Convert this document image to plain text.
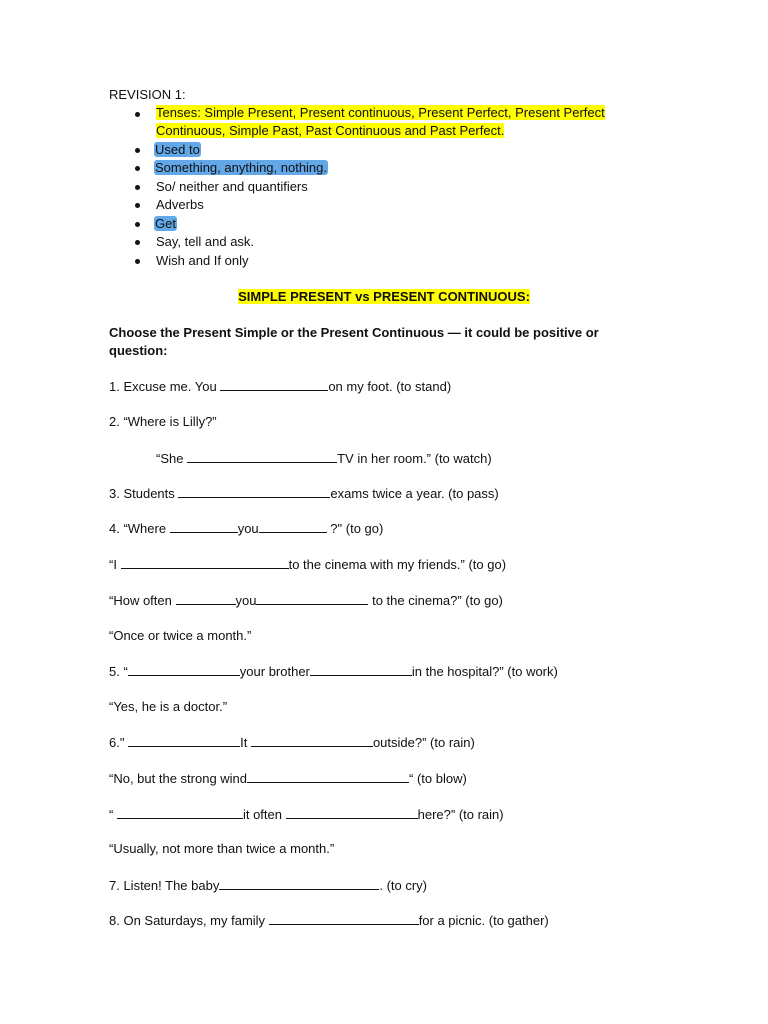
REVISION 1:
Tenses: Simple Present, Present continuous, Present Perfect, Present Perfect
Continuous, Simple Past, Past Continuous and Past Perfect.
Used to
Something, anything, nothing.
So/ neither and quantifiers
Adverbs
Get
Say, tell and ask.
Wish and If only
SIMPLE PRESENT vs PRESENT CONTINUOUS:
Choose the Present Simple or the Present Continuous — it could be positive or
question:
1. Excuse me. You	on my foot. (to stand)
2. “Where is Lilly?”
“She	TV in her room.” (to watch)
3. Students	exams twice a year. (to pass)
4. “Where	you	?" (to go)
“I	to the cinema with my friends.” (to go)
“How often	you	to the cinema?” (to go)
“Once or twice a month.”
5. “	your brother	in the hospital?” (to work)
“Yes, he is a doctor.”
6."	It	outside?” (to rain)
“No, but the strong wind	“ (to blow)
“	it often	here?” (to rain)
“Usually, not more than twice a month.”
7. Listen! The baby	. (to cry)
8. On Saturdays, my family	for a picnic. (to gather)
